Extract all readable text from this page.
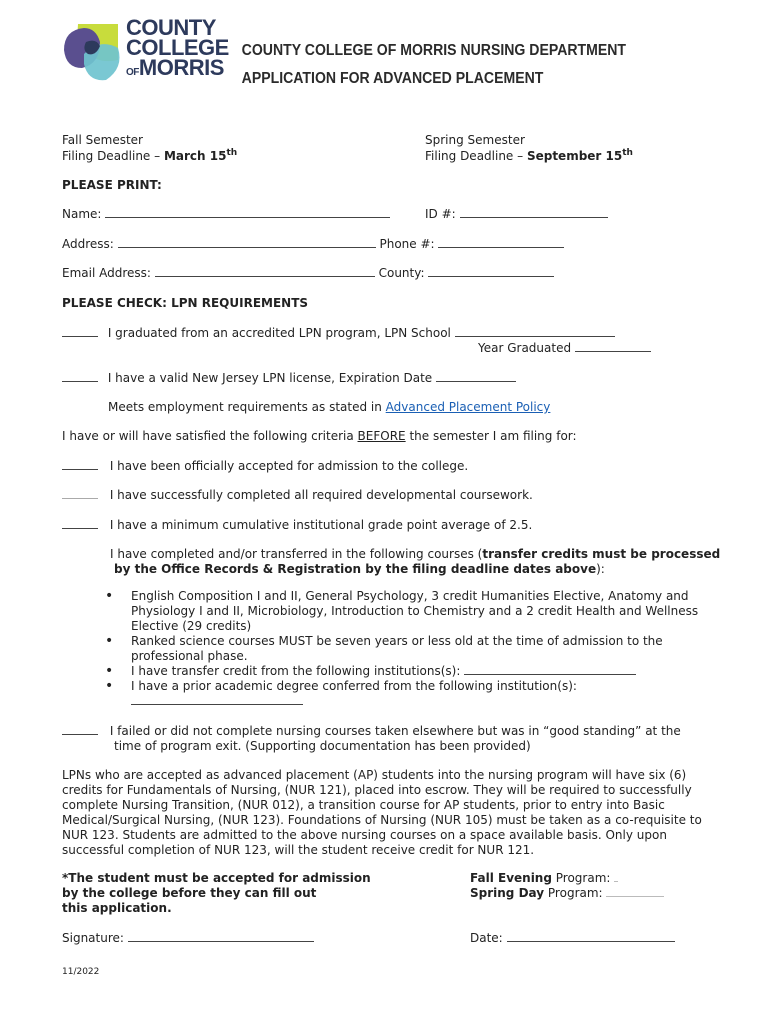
COUNTY
COLLEGE
OFMORRIS
COUNTY COLLEGE OF MORRIS NURSING DEPARTMENT
APPLICATION FOR ADVANCED PLACEMENT
Fall Semester
Filing Deadline – March 15th
Spring Semester
Filing Deadline – September 15th
PLEASE PRINT:
Name:	ID #:
Address:	Phone #:
Email Address:	County:
PLEASE CHECK: LPN REQUIREMENTS
I graduated from an accredited LPN program, LPN School
Year Graduated
I have a valid New Jersey LPN license, Expiration Date
Meets employment requirements as stated in Advanced Placement Policy
I have or will have satisfied the following criteria BEFORE the semester I am filing for:
I have been officially accepted for admission to the college.
I have successfully completed all required developmental coursework.
I have a minimum cumulative institutional grade point average of 2.5.
I have completed and/or transferred in the following courses (transfer credits must be processed
by the Office Records & Registration by the filing deadline dates above):
• English Composition I and II, General Psychology, 3 credit Humanities Elective, Anatomy and Physiology I and II, Microbiology, Introduction to Chemistry and a 2 credit Health and Wellness Elective (29 credits)
• Ranked science courses MUST be seven years or less old at the time of admission to the professional phase.
• I have transfer credit from the following institutions(s):
• I have a prior academic degree conferred from the following institution(s):

I failed or did not complete nursing courses taken elsewhere but was in “good standing” at the
time of program exit. (Supporting documentation has been provided)
LPNs who are accepted as advanced placement (AP) students into the nursing program will have six (6) credits for Fundamentals of Nursing, (NUR 121), placed into escrow. They will be required to successfully complete Nursing Transition, (NUR 012), a transition course for AP students, prior to entry into Basic Medical/Surgical Nursing, (NUR 123). Foundations of Nursing (NUR 105) must be taken as a co-requisite to NUR 123. Students are admitted to the above nursing courses on a space available basis. Only upon successful completion of NUR 123, will the student receive credit for NUR 121.
*The student must be accepted for admission
by the college before they can fill out
this application.
Fall Evening Program:
Spring Day Program:
Signature:	Date:
11/2022
